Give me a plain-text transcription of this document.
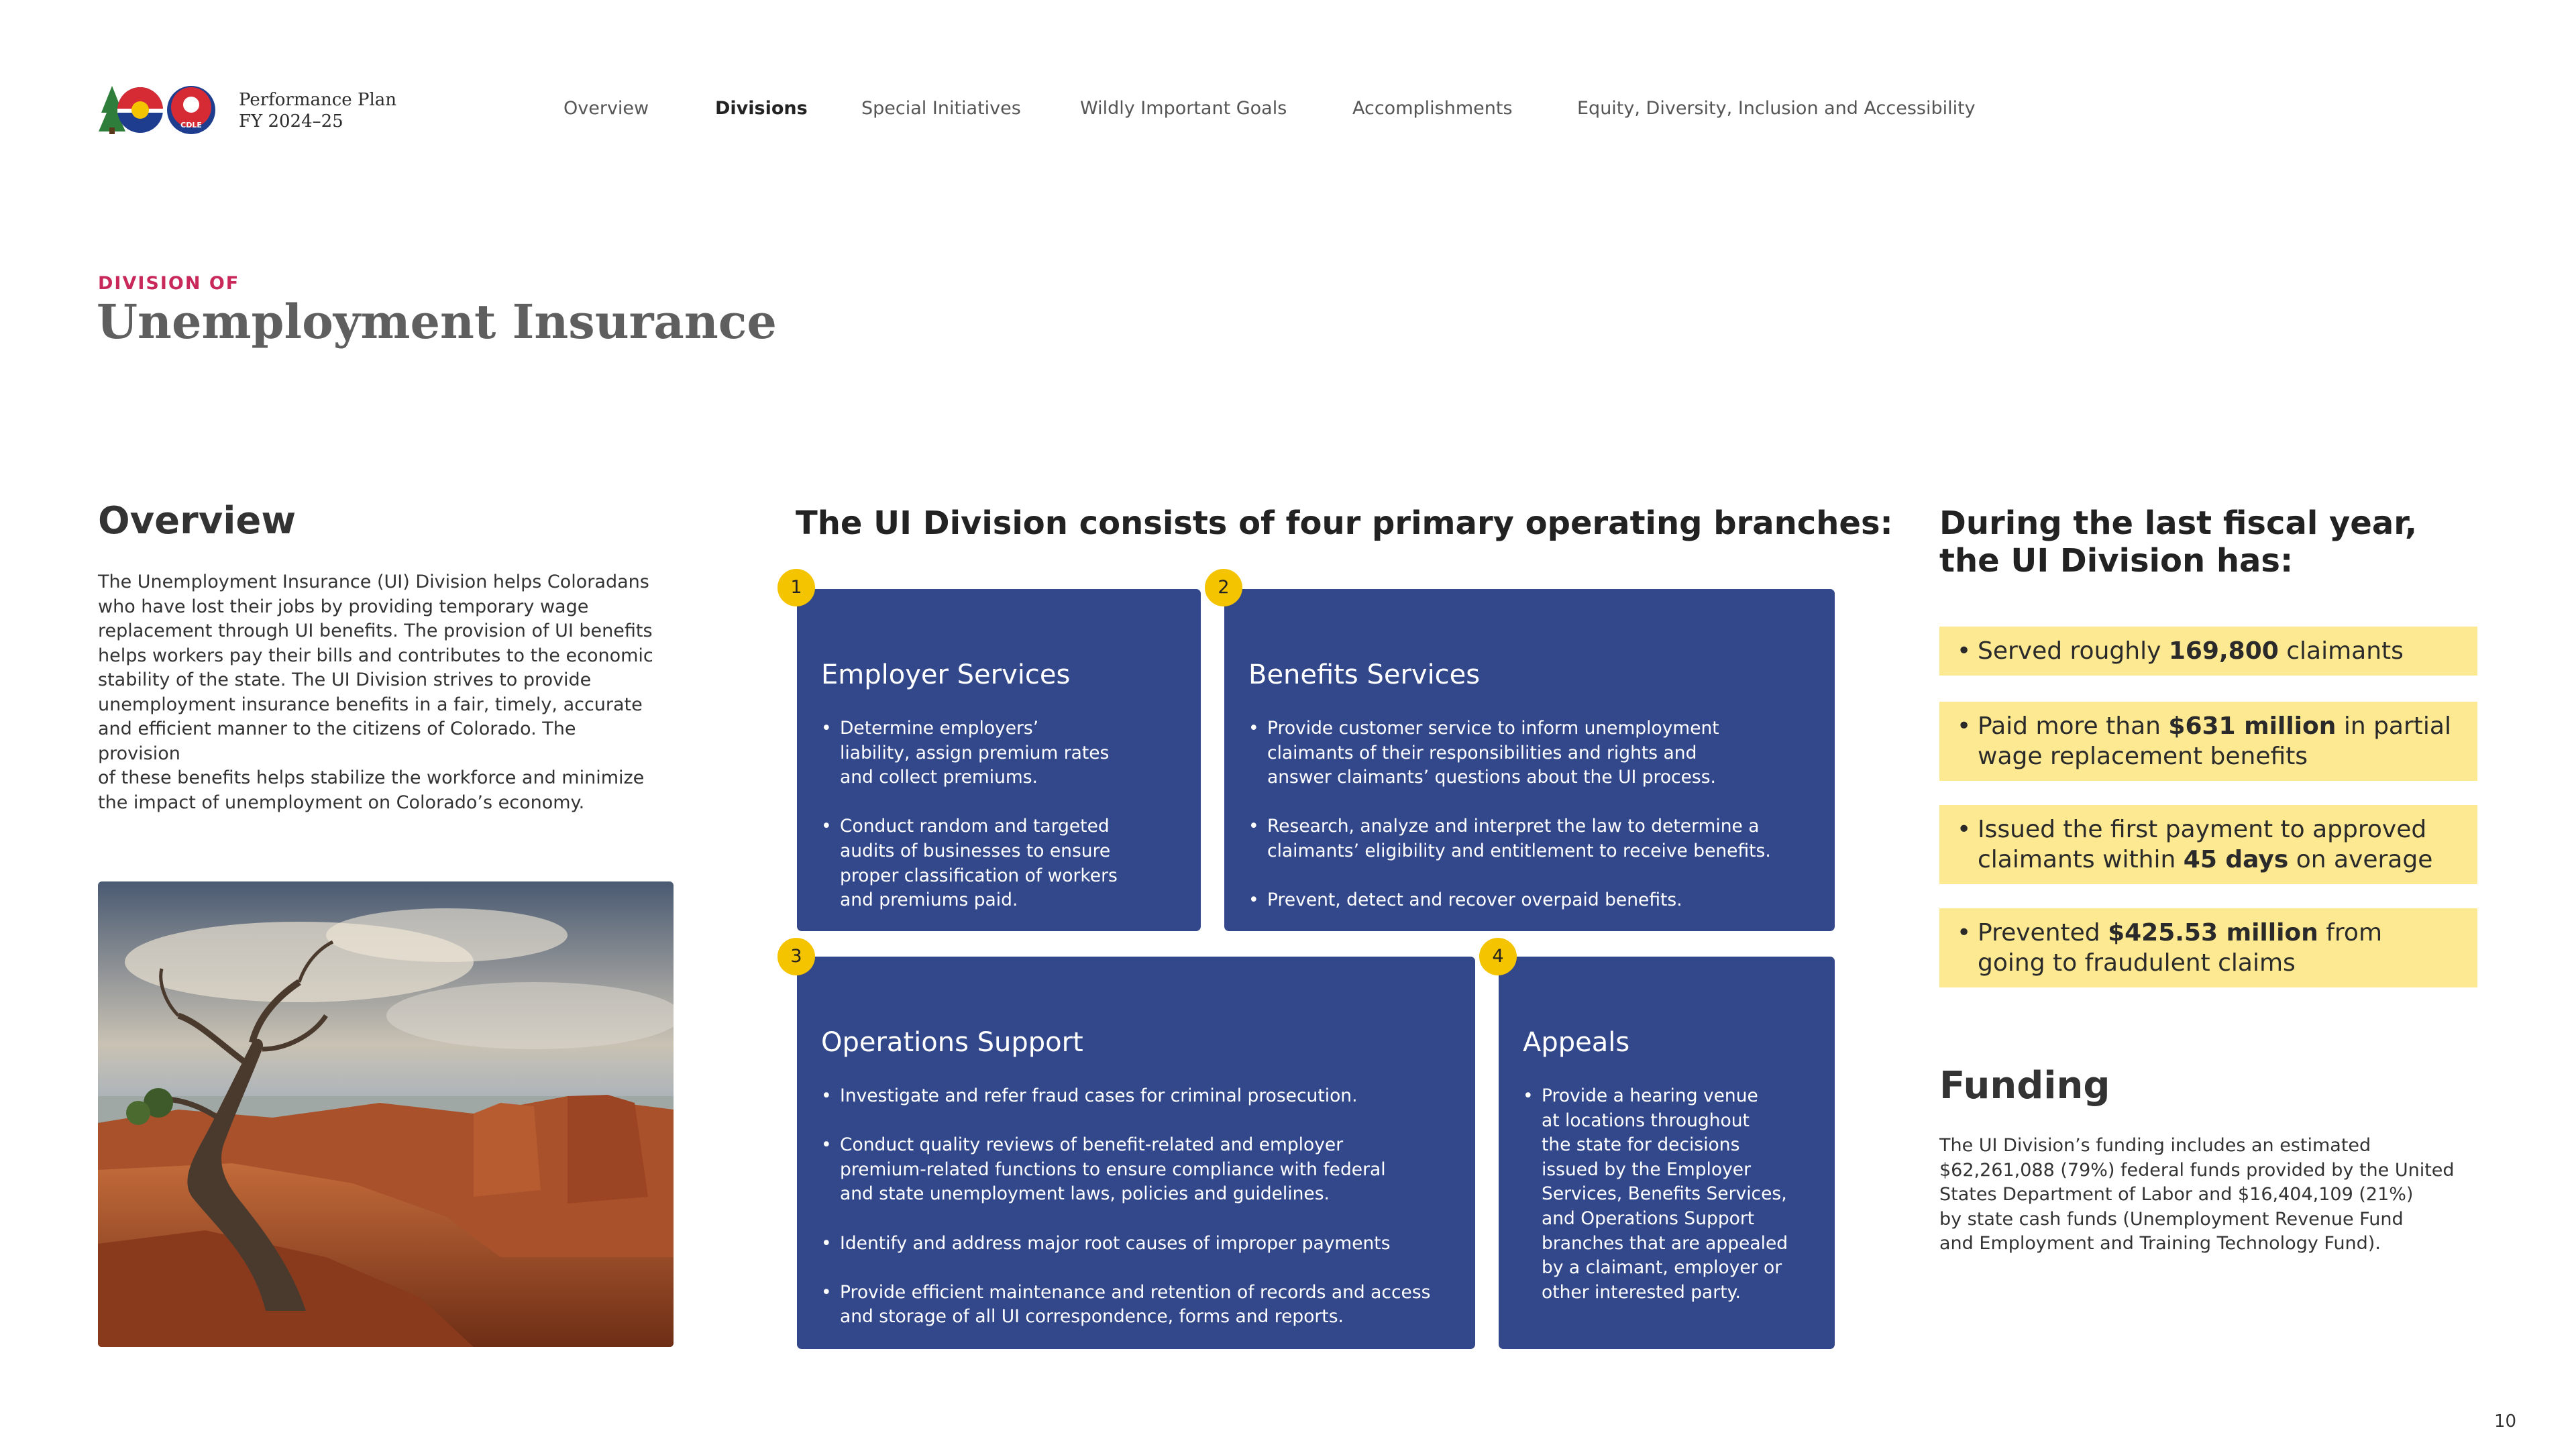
CDLE
Performance Plan
FY 2024–25
Overview	Divisions	Special Initiatives	Wildly Important Goals	Accomplishments	Equity, Diversity, Inclusion and Accessibility
DIVISION OF
Unemployment Insurance
Overview
The Unemployment Insurance (UI) Division helps Coloradans
who have lost their jobs by providing temporary wage
replacement through UI benefits. The provision of UI benefits
helps workers pay their bills and contributes to the economic
stability of the state. The UI Division strives to provide
unemployment insurance benefits in a fair, timely, accurate
and efficient manner to the citizens of Colorado. The provision
of these benefits helps stabilize the workforce and minimize
the impact of unemployment on Colorado’s economy.
The UI Division consists of four primary operating branches:
Employer Services
• Determine employers’
liability, assign premium rates
and collect premiums.
• Conduct random and targeted
audits of businesses to ensure
proper classification of workers
and premiums paid.
Benefits Services
• Provide customer service to inform unemployment
claimants of their responsibilities and rights and
answer claimants’ questions about the UI process.
• Research, analyze and interpret the law to determine a
claimants’ eligibility and entitlement to receive benefits.
• Prevent, detect and recover overpaid benefits.
Operations Support
• Investigate and refer fraud cases for criminal prosecution.
• Conduct quality reviews of benefit-related and employer
premium-related functions to ensure compliance with federal
and state unemployment laws, policies and guidelines.
• Identify and address major root causes of improper payments
• Provide efficient maintenance and retention of records and access
and storage of all UI correspondence, forms and reports.
Appeals
• Provide a hearing venue
at locations throughout
the state for decisions
issued by the Employer
Services, Benefits Services,
and Operations Support
branches that are appealed
by a claimant, employer or
other interested party.
1	2
3	4
During the last fiscal year,
the UI Division has:
• Served roughly 169,800 claimants
• Paid more than $631 million in partial
wage replacement benefits
• Issued the first payment to approved
claimants within 45 days on average
• Prevented $425.53 million from
going to fraudulent claims
Funding
The UI Division’s funding includes an estimated
$62,261,088 (79%) federal funds provided by the United
States Department of Labor and $16,404,109 (21%)
by state cash funds (Unemployment Revenue Fund
and Employment and Training Technology Fund).
10
